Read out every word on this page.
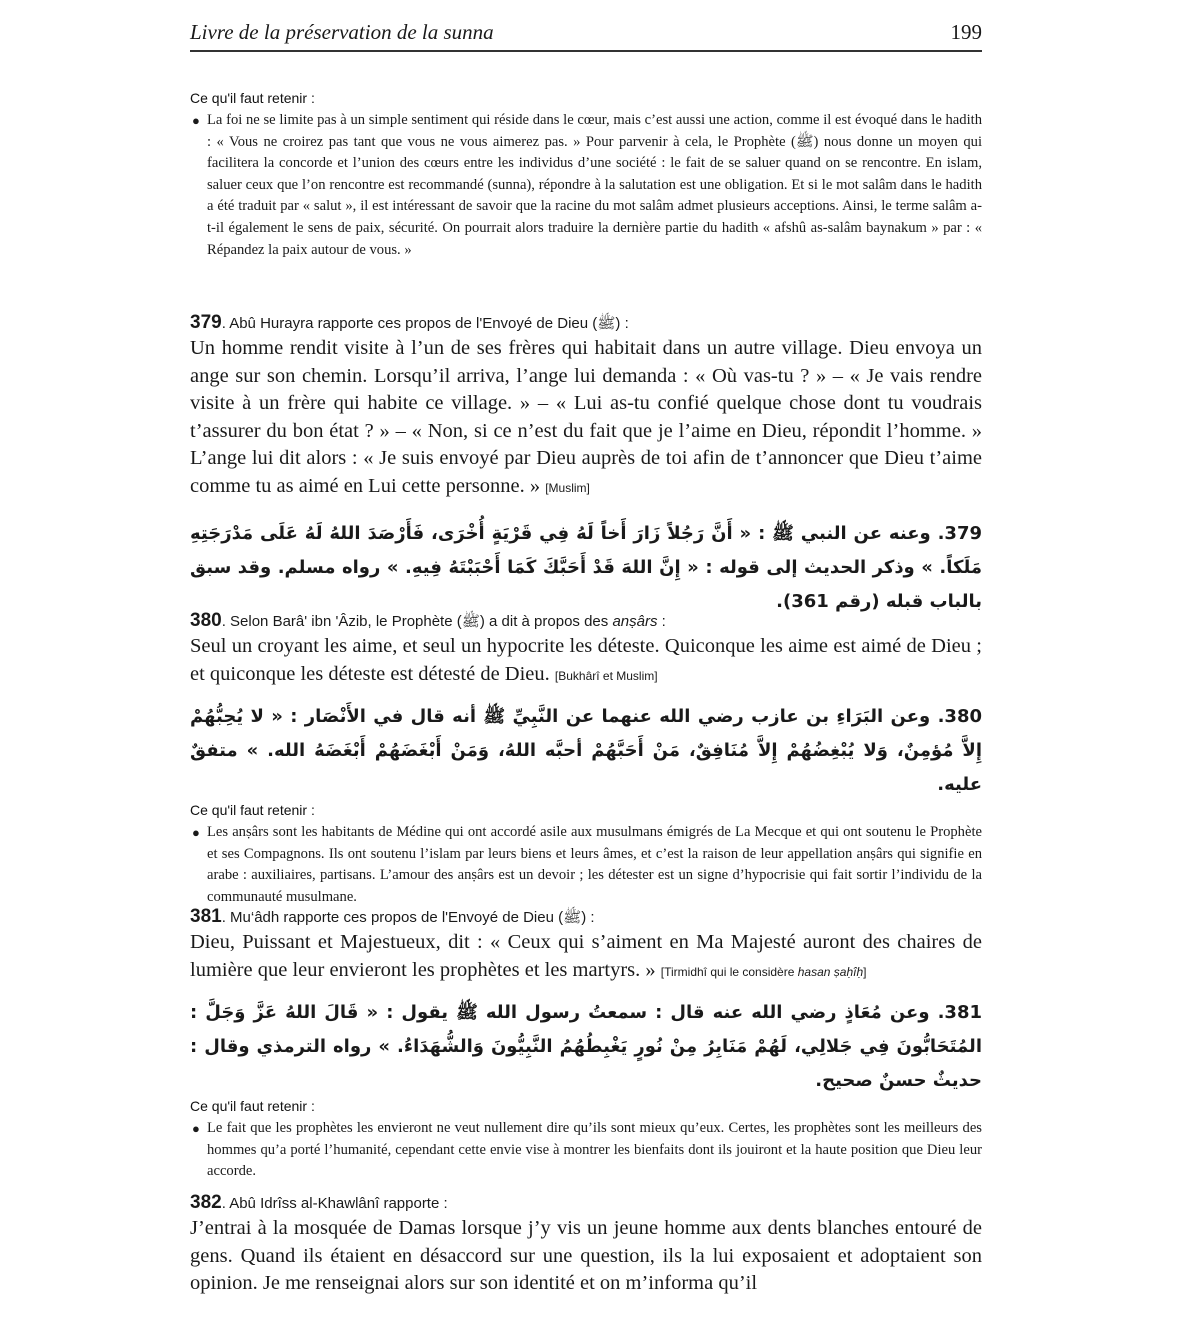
Livre de la préservation de la sunna	199

Ce qu'il faut retenir :

● La foi ne se limite pas à un simple sentiment qui réside dans le cœur, mais c’est aussi une action, comme il est évoqué dans le hadith : « Vous ne croirez pas tant que vous ne vous aimerez pas. » Pour parvenir à cela, le Prophète (ﷺ) nous donne un moyen qui facilitera la concorde et l’union des cœurs entre les individus d’une société : le fait de se saluer quand on se rencontre. En islam, saluer ceux que l’on rencontre est recommandé (sunna), répondre à la salutation est une obligation. Et si le mot salâm dans le hadith a été traduit par « salut », il est intéressant de savoir que la racine du mot salâm admet plusieurs acceptions. Ainsi, le terme salâm a-t-il également le sens de paix, sécurité. On pourrait alors traduire la dernière partie du hadith « afshû as-salâm baynakum » par : « Répandez la paix autour de vous. »

379. Abû Hurayra rapporte ces propos de l'Envoyé de Dieu (ﷺ) :

Un homme rendit visite à l’un de ses frères qui habitait dans un autre village. Dieu envoya un ange sur son chemin. Lorsqu’il arriva, l’ange lui demanda : « Où vas-tu ? » – « Je vais rendre visite à un frère qui habite ce village. » – « Lui as-tu confié quelque chose dont tu voudrais t’assurer du bon état ? » – « Non, si ce n’est du fait que je l’aime en Dieu, répondit l’homme. » L’ange lui dit alors : « Je suis envoyé par Dieu auprès de toi afin de t’annoncer que Dieu t’aime comme tu as aimé en Lui cette personne. » [Muslim]

379. وعنه عن النبي ﷺ : « أَنَّ رَجُلاً زَارَ أَخاً لَهُ فِي قَرْيَةٍ أُخْرَى، فَأَرْصَدَ اللهُ لَهُ عَلَى مَدْرَجَتِهِ مَلَكاً. » وذكر الحديث إلى قوله : « إِنَّ اللهَ قَدْ أَحَبَّكَ كَمَا أَحْبَبْتَهُ فِيهِ. » رواه مسلم. وقد سبق بالباب قبله (رقم 361).

380. Selon Barâ' ibn 'Âzib, le Prophète (ﷺ) a dit à propos des anṣârs :

Seul un croyant les aime, et seul un hypocrite les déteste. Quiconque les aime est aimé de Dieu ; et quiconque les déteste est détesté de Dieu. [Bukhârî et Muslim]

380. وعن البَرَاءِ بن عازب رضي الله عنهما عن النَّبِيِّ ﷺ أنه قال في الأَنْصَار : « لا يُحِبُّهُمْ إِلاَّ مُؤمِنٌ، وَلا يُبْغِضُهُمْ إِلاَّ مُنَافِقٌ، مَنْ أَحَبَّهُمْ أحبَّه اللهُ، وَمَنْ أَبْغَضَهُمْ أَبْغَضَهُ الله. » متفقٌ عليه.

Ce qu'il faut retenir :

● Les anṣârs sont les habitants de Médine qui ont accordé asile aux musulmans émigrés de La Mecque et qui ont soutenu le Prophète et ses Compagnons. Ils ont soutenu l’islam par leurs biens et leurs âmes, et c’est la raison de leur appellation anṣârs qui signifie en arabe : auxiliaires, partisans. L’amour des anṣârs est un devoir ; les détester est un signe d’hypocrisie qui fait sortir l’individu de la communauté musulmane.

381. Mu‘âdh rapporte ces propos de l'Envoyé de Dieu (ﷺ) :

Dieu, Puissant et Majestueux, dit : « Ceux qui s’aiment en Ma Majesté auront des chaires de lumière que leur envieront les prophètes et les martyrs. » [Tirmidhî qui le considère hasan ṣaḥîḥ]

381. وعن مُعَاذٍ رضي الله عنه قال : سمعتُ رسول الله ﷺ يقول : « قَالَ اللهُ عَزَّ وَجَلَّ : المُتَحَابُّونَ فِي جَلالِي، لَهُمْ مَنَابِرُ مِنْ نُورٍ يَغْبِطُهُمُ النَّبِيُّونَ وَالشُّهَدَاءُ. » رواه الترمذي وقال : حديثٌ حسنٌ صحيح.

Ce qu'il faut retenir :

● Le fait que les prophètes les envieront ne veut nullement dire qu’ils sont mieux qu’eux. Certes, les prophètes sont les meilleurs des hommes qu’a porté l’humanité, cependant cette envie vise à montrer les bienfaits dont ils jouiront et la haute position que Dieu leur accorde.

382. Abû Idrîss al-Khawlânî rapporte :

J’entrai à la mosquée de Damas lorsque j’y vis un jeune homme aux dents blanches entouré de gens. Quand ils étaient en désaccord sur une question, ils la lui exposaient et adoptaient son opinion. Je me renseignai alors sur son identité et on m’informa qu’il
